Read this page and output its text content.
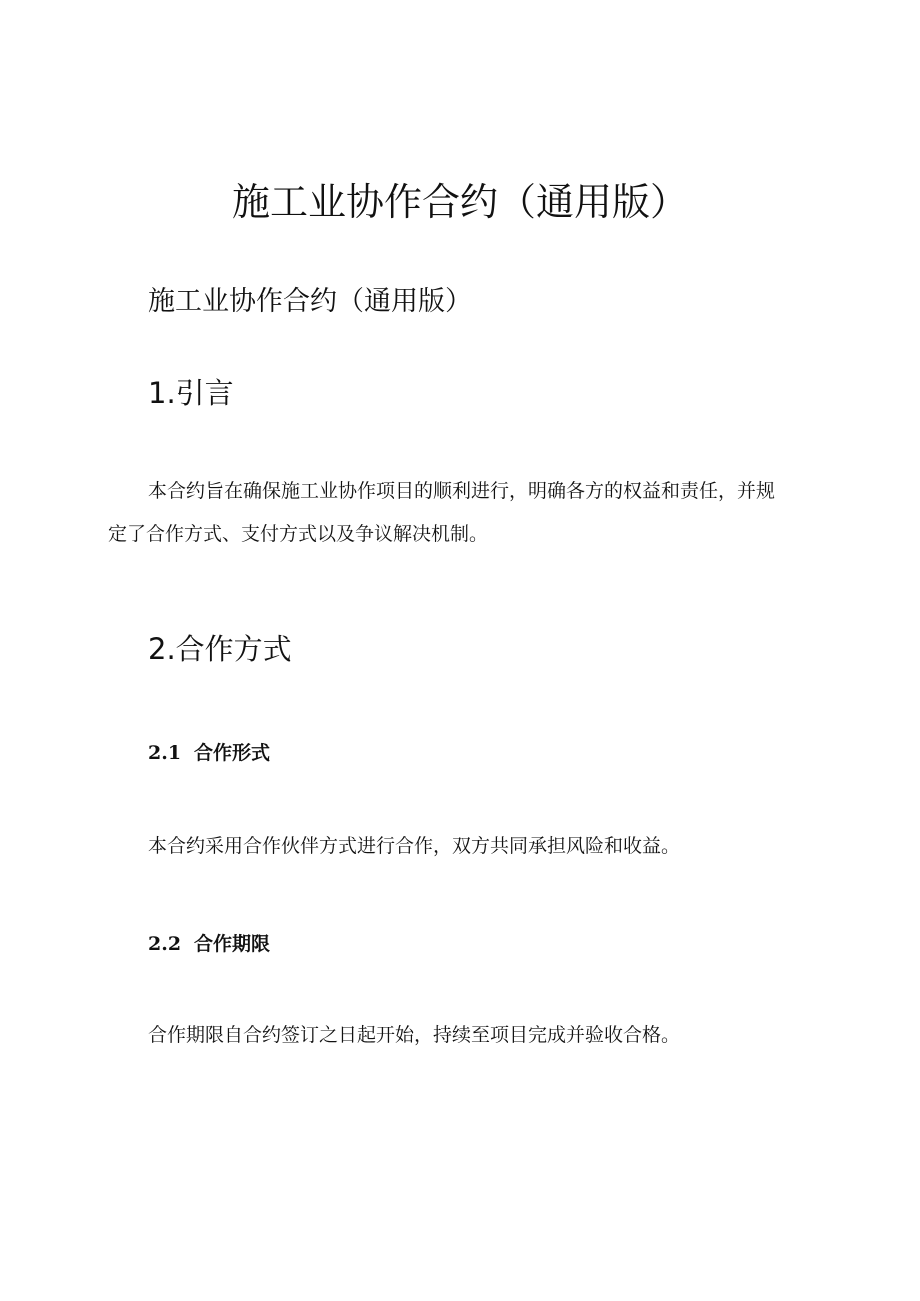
施工业协作合约（通用版）
施工业协作合约（通用版）
1.引言

本合约旨在确保施工业协作项目的顺利进行，明确各方的权益和责任，并规定了合作方式、支付方式以及争议解决机制。

2.合作方式
2.1 合作形式

本合约采用合作伙伴方式进行合作，双方共同承担风险和收益。

2.2 合作期限

合作期限自合约签订之日起开始，持续至项目完成并验收合格。
